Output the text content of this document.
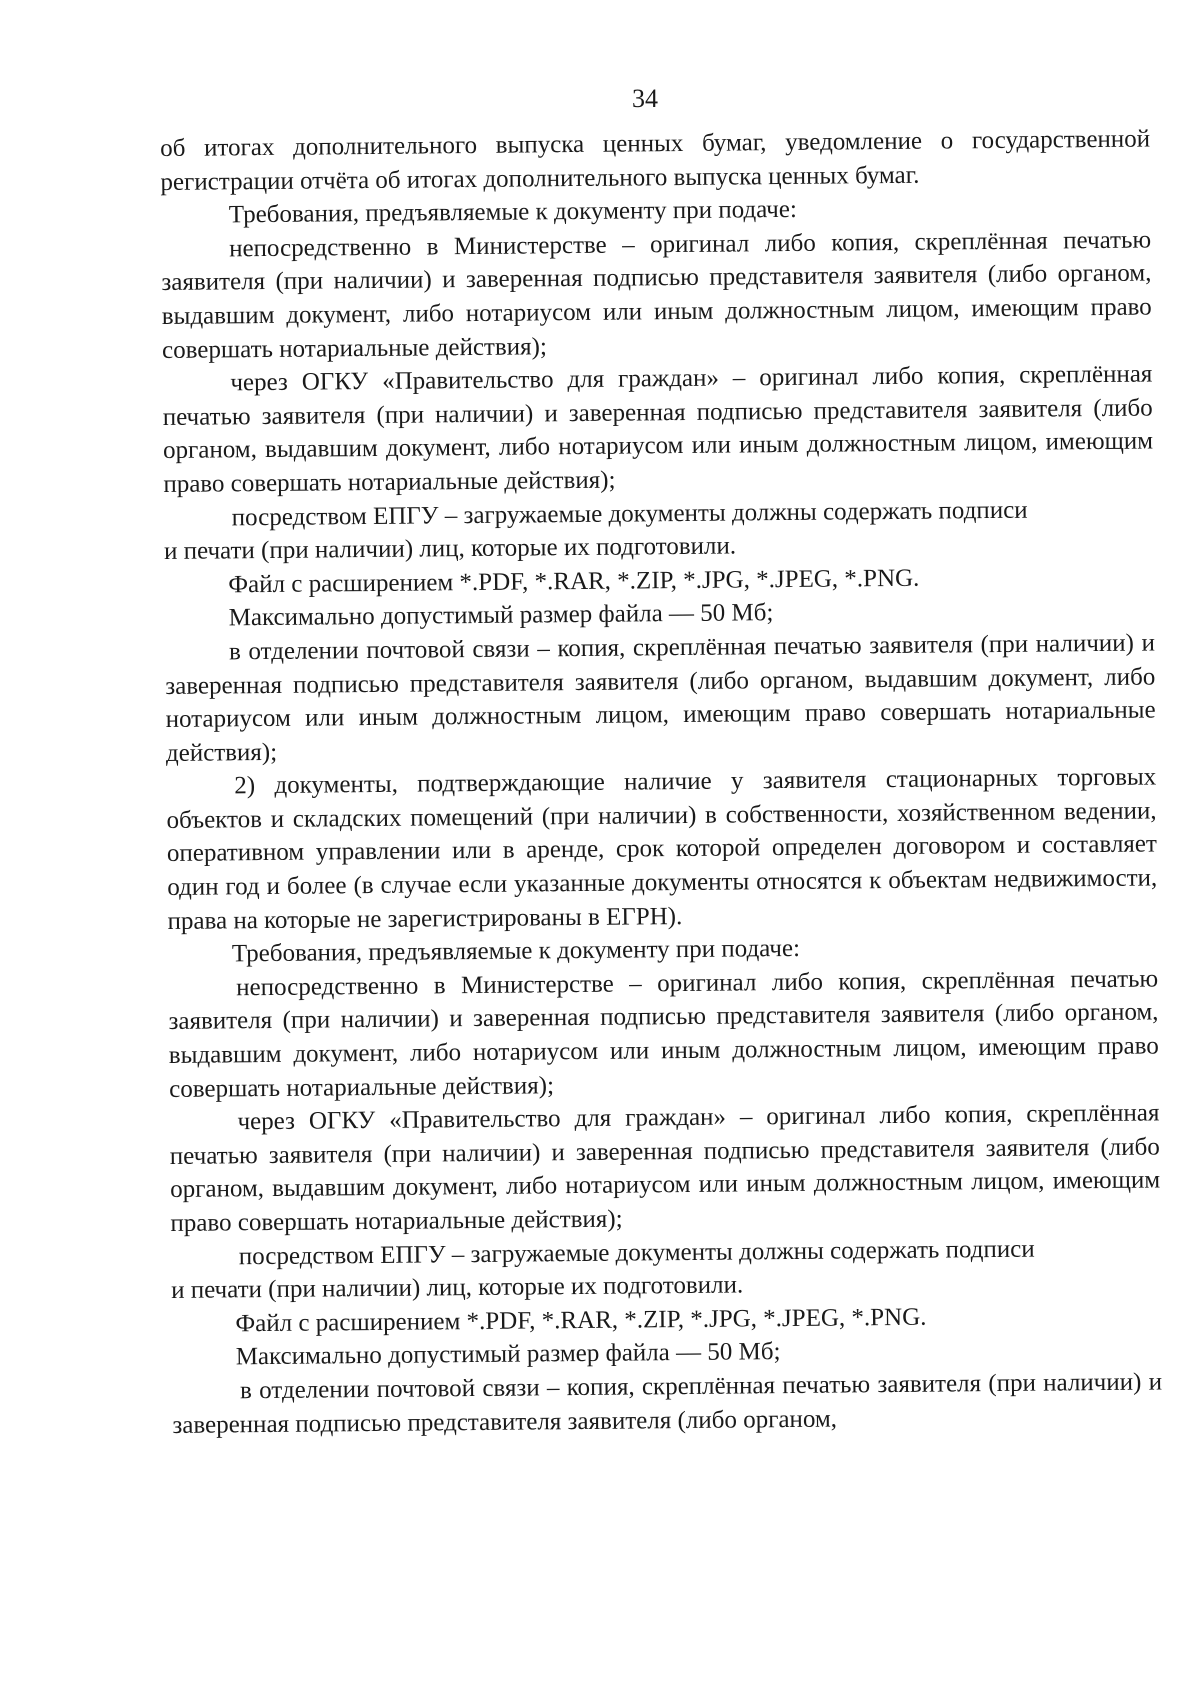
34

об итогах дополнительного выпуска ценных бумаг, уведомление о государственной регистрации отчёта об итогах дополнительного выпуска ценных бумаг.

Требования, предъявляемые к документу при подаче:

непосредственно в Министерстве – оригинал либо копия, скреплённая печатью заявителя (при наличии) и заверенная подписью представителя заявителя (либо органом, выдавшим документ, либо нотариусом или иным должностным лицом, имеющим право совершать нотариальные действия);

через ОГКУ «Правительство для граждан» – оригинал либо копия, скреплённая печатью заявителя (при наличии) и заверенная подписью представителя заявителя (либо органом, выдавшим документ, либо нотариусом или иным должностным лицом, имеющим право совершать нотариальные действия);

посредством ЕПГУ – загружаемые документы должны содержать подписи

и печати (при наличии) лиц, которые их подготовили.

Файл с расширением *.PDF, *.RAR, *.ZIP, *.JPG, *.JPEG, *.PNG.

Максимально допустимый размер файла — 50 Мб;

в отделении почтовой связи – копия, скреплённая печатью заявителя (при наличии) и заверенная подписью представителя заявителя (либо органом, выдавшим документ, либо нотариусом или иным должностным лицом, имеющим право совершать нотариальные действия);

2) документы, подтверждающие наличие у заявителя стационарных торговых объектов и складских помещений (при наличии) в собственности, хозяйственном ведении, оперативном управлении или в аренде, срок которой определен договором и составляет один год и более (в случае если указанные документы относятся к объектам недвижимости, права на которые не зарегистрированы в ЕГРН).

Требования, предъявляемые к документу при подаче:

непосредственно в Министерстве – оригинал либо копия, скреплённая печатью заявителя (при наличии) и заверенная подписью представителя заявителя (либо органом, выдавшим документ, либо нотариусом или иным должностным лицом, имеющим право совершать нотариальные действия);

через ОГКУ «Правительство для граждан» – оригинал либо копия, скреплённая печатью заявителя (при наличии) и заверенная подписью представителя заявителя (либо органом, выдавшим документ, либо нотариусом или иным должностным лицом, имеющим право совершать нотариальные действия);

посредством ЕПГУ – загружаемые документы должны содержать подписи

и печати (при наличии) лиц, которые их подготовили.

Файл с расширением *.PDF, *.RAR, *.ZIP, *.JPG, *.JPEG, *.PNG.

Максимально допустимый размер файла — 50 Мб;

в отделении почтовой связи – копия, скреплённая печатью заявителя (при наличии) и заверенная подписью представителя заявителя (либо органом,
